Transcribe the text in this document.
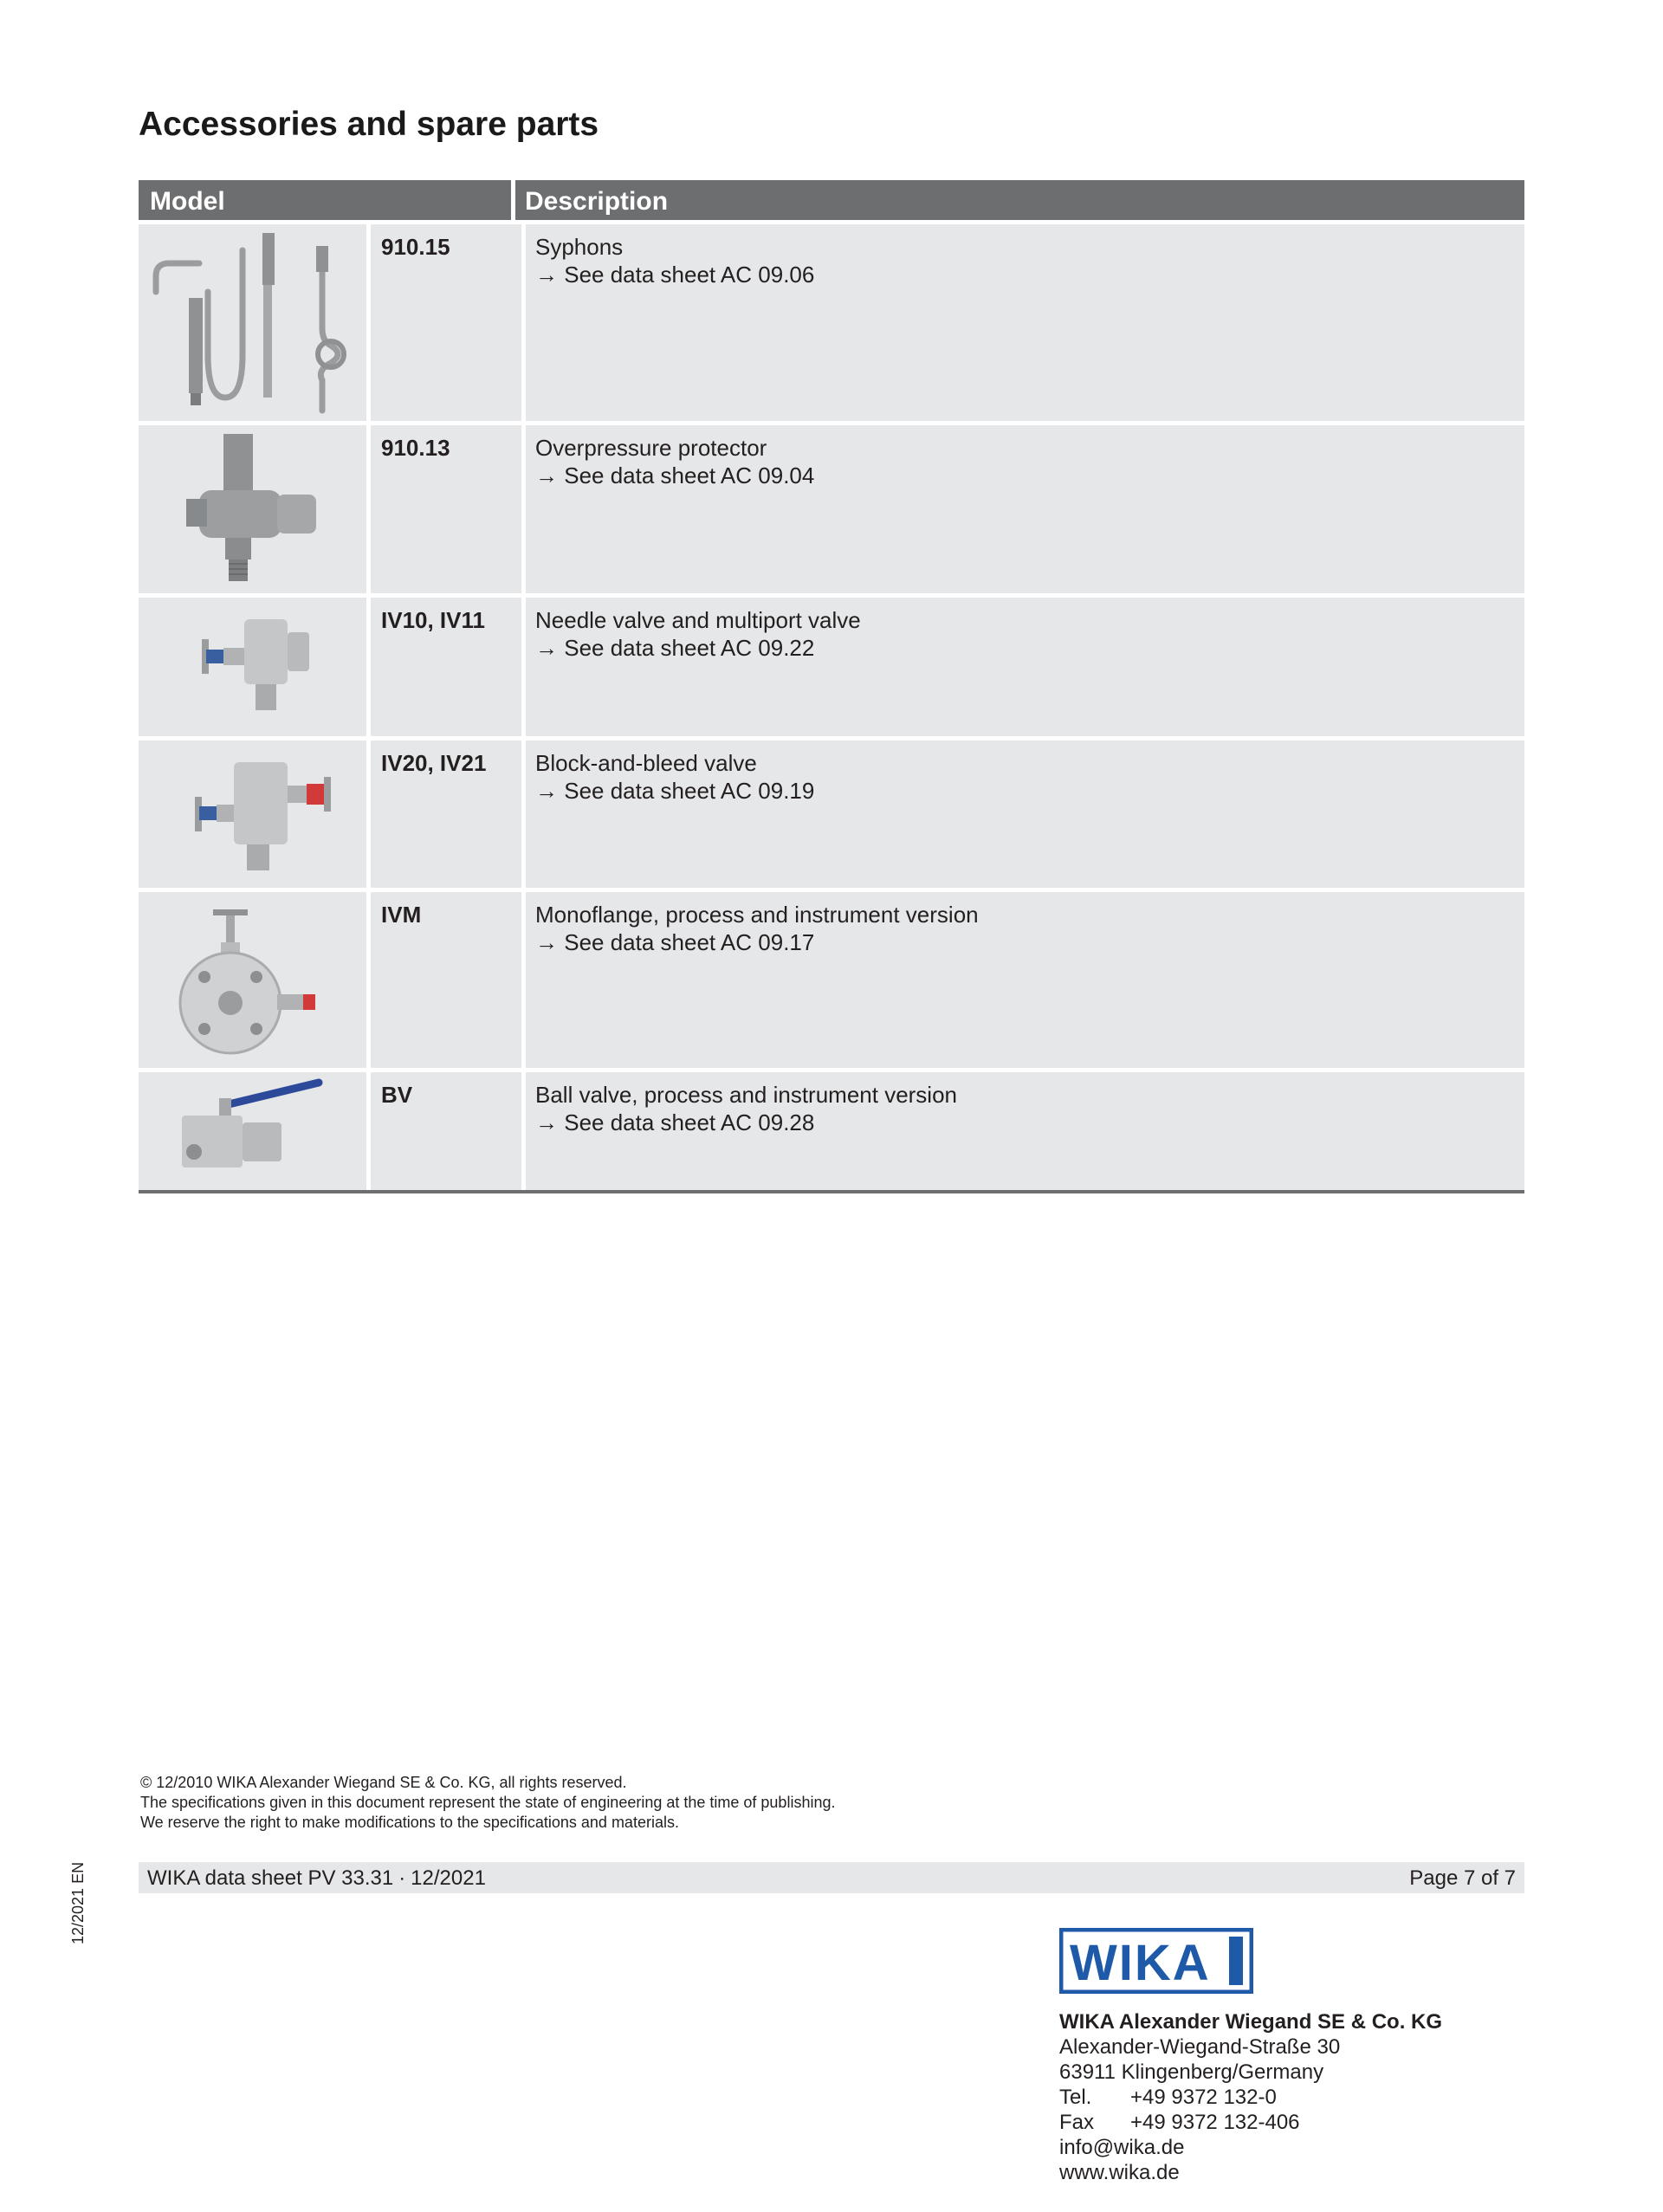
Accessories and spare parts
Model	Description
910.15	Syphons
→ See data sheet AC 09.06
910.13	Overpressure protector
→ See data sheet AC 09.04
IV10, IV11	Needle valve and multiport valve
→ See data sheet AC 09.22
IV20, IV21	Block-and-bleed valve
→ See data sheet AC 09.19
IVM	Monoflange, process and instrument version
→ See data sheet AC 09.17
BV	Ball valve, process and instrument version
→ See data sheet AC 09.28
© 12/2010 WIKA Alexander Wiegand SE & Co. KG, all rights reserved.
The specifications given in this document represent the state of engineering at the time of publishing.
We reserve the right to make modifications to the specifications and materials.
WIKA data sheet PV 33.31 ∙ 12/2021	Page 7 of 7
12/2021 EN
WIKA
WIKA Alexander Wiegand SE & Co. KG
Alexander-Wiegand-Straße 30
63911 Klingenberg/Germany
Tel. +49 9372 132-0
Fax +49 9372 132-406
info@wika.de
www.wika.de
